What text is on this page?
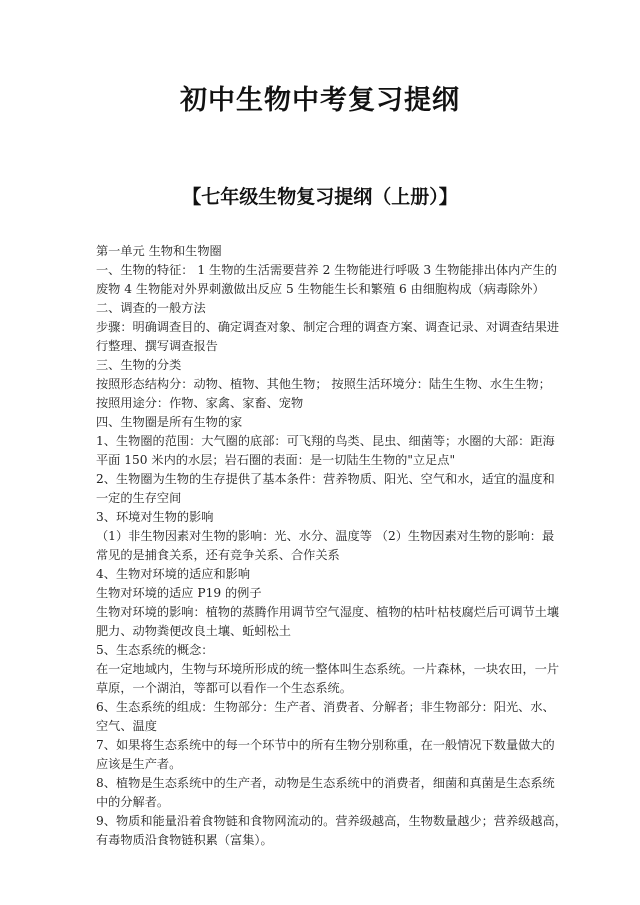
初中生物中考复习提纲
【七年级生物复习提纲（上册）】

第一单元 生物和生物圈

一、生物的特征： 1 生物的生活需要营养 2 生物能进行呼吸 3 生物能排出体内产生的

废物 4 生物能对外界刺激做出反应 5 生物能生长和繁殖 6 由细胞构成（病毒除外）

二、调查的一般方法

步骤：明确调查目的、确定调查对象、制定合理的调查方案、调查记录、对调查结果进

行整理、撰写调查报告

三、生物的分类

按照形态结构分：动物、植物、其他生物； 按照生活环境分：陆生生物、水生生物；

按照用途分：作物、家禽、家畜、宠物

四、生物圈是所有生物的家

1、生物圈的范围：大气圈的底部：可飞翔的鸟类、昆虫、细菌等；水圈的大部：距海

平面 150 米内的水层；岩石圈的表面：是一切陆生生物的"立足点"

2、生物圈为生物的生存提供了基本条件：营养物质、阳光、空气和水，适宜的温度和

一定的生存空间

3、环境对生物的影响

（1）非生物因素对生物的影响：光、水分、温度等 （2）生物因素对生物的影响：最

常见的是捕食关系，还有竞争关系、合作关系

4、生物对环境的适应和影响

生物对环境的适应 P19 的例子

生物对环境的影响：植物的蒸腾作用调节空气湿度、植物的枯叶枯枝腐烂后可调节土壤

肥力、动物粪便改良土壤、蚯蚓松土

5、生态系统的概念：

在一定地域内，生物与环境所形成的统一整体叫生态系统。一片森林，一块农田，一片

草原，一个湖泊，等都可以看作一个生态系统。

6、生态系统的组成：生物部分：生产者、消费者、分解者；非生物部分：阳光、水、

空气、温度

7、如果将生态系统中的每一个环节中的所有生物分别称重，在一般情况下数量做大的

应该是生产者。

8、植物是生态系统中的生产者，动物是生态系统中的消费者，细菌和真菌是生态系统

中的分解者。

9、物质和能量沿着食物链和食物网流动的。营养级越高，生物数量越少；营养级越高，

有毒物质沿食物链积累（富集）。
